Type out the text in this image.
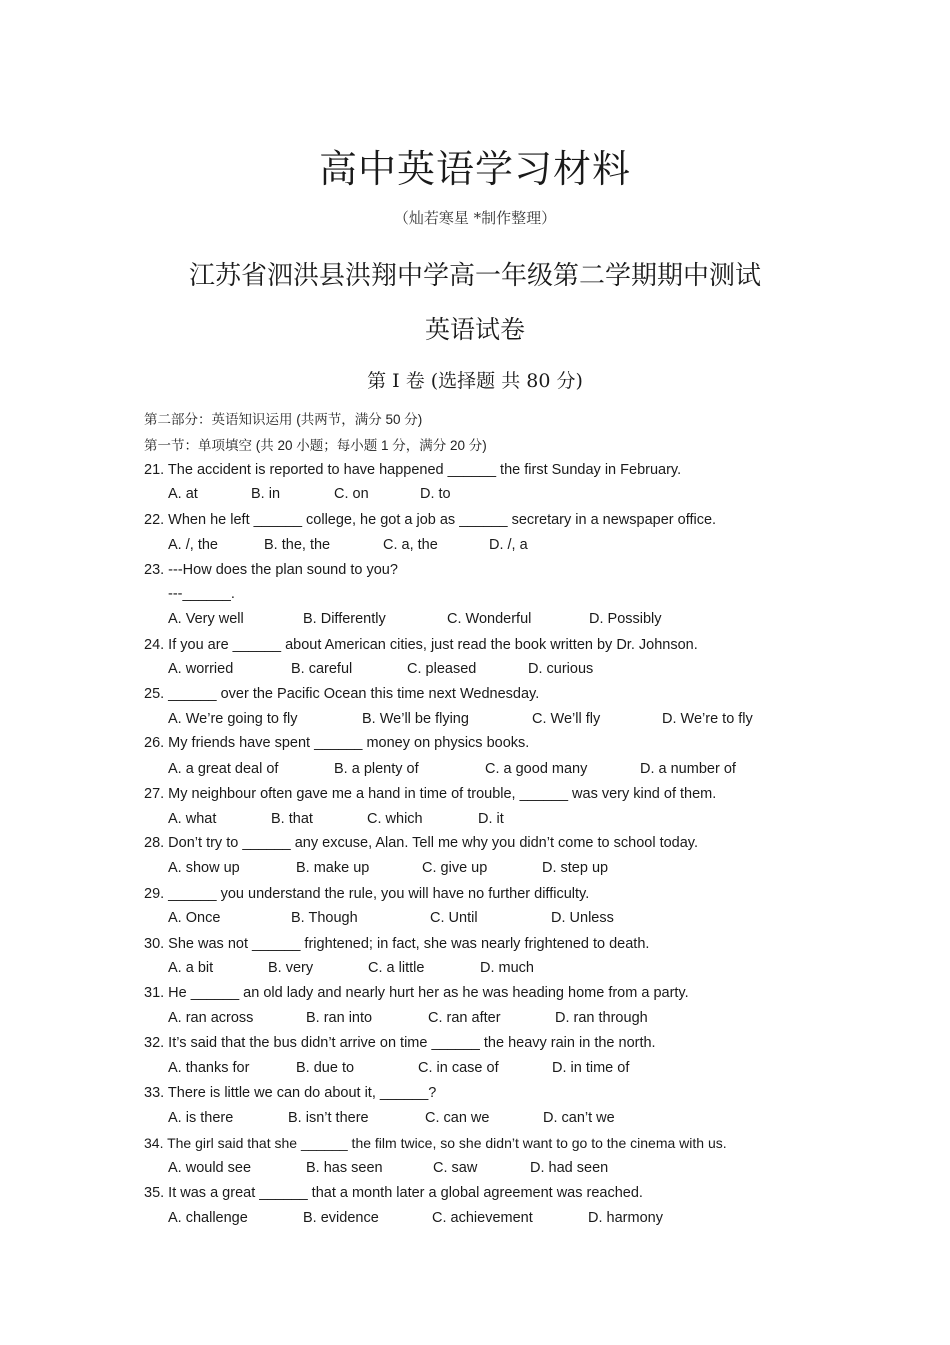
高中英语学习材料
（灿若寒星 *制作整理）
江苏省泗洪县洪翔中学高一年级第二学期期中测试
英语试卷
第 I 卷 (选择题 共 80 分)
第二部分：英语知识运用 (共两节，满分 50 分)
第一节：单项填空 (共 20 小题；每小题 1 分，满分 20 分)
21. The accident is reported to have happened ______ the first Sunday in February.
A. at	B. in	C. on	D. to
22. When he left ______ college, he got a job as ______ secretary in a newspaper office.
A. /, the	B. the, the	C. a, the	D. /, a
23. ---How does the plan sound to you?
---______.
A. Very well	B. Differently	C. Wonderful	D. Possibly
24. If you are ______ about American cities, just read the book written by Dr. Johnson.
A. worried	B. careful	C. pleased	D. curious
25. ______ over the Pacific Ocean this time next Wednesday.
A. We’re going to fly	B. We’ll be flying	C. We’ll fly	D. We’re to fly
26. My friends have spent ______ money on physics books.
A. a great deal of	B. a plenty of	C. a good many	D. a number of
27. My neighbour often gave me a hand in time of trouble, ______ was very kind of them.
A. what	B. that	C. which	D. it
28. Don’t try to ______ any excuse, Alan. Tell me why you didn’t come to school today.
A. show up	B. make up	C. give up	D. step up
29. ______ you understand the rule, you will have no further difficulty.
A. Once	B. Though	C. Until	D. Unless
30. She was not ______ frightened; in fact, she was nearly frightened to death.
A. a bit	B. very	C. a little	D. much
31. He ______ an old lady and nearly hurt her as he was heading home from a party.
A. ran across	B. ran into	C. ran after	D. ran through
32. It’s said that the bus didn’t arrive on time ______ the heavy rain in the north.
A. thanks for	B. due to	C. in case of	D. in time of
33. There is little we can do about it, ______?
A. is there	B. isn’t there	C. can we	D. can’t we
34. The girl said that she ______ the film twice, so she didn’t want to go to the cinema with us.
A. would see	B. has seen	C. saw	D. had seen
35. It was a great ______ that a month later a global agreement was reached.
A. challenge	B. evidence	C. achievement	D. harmony
